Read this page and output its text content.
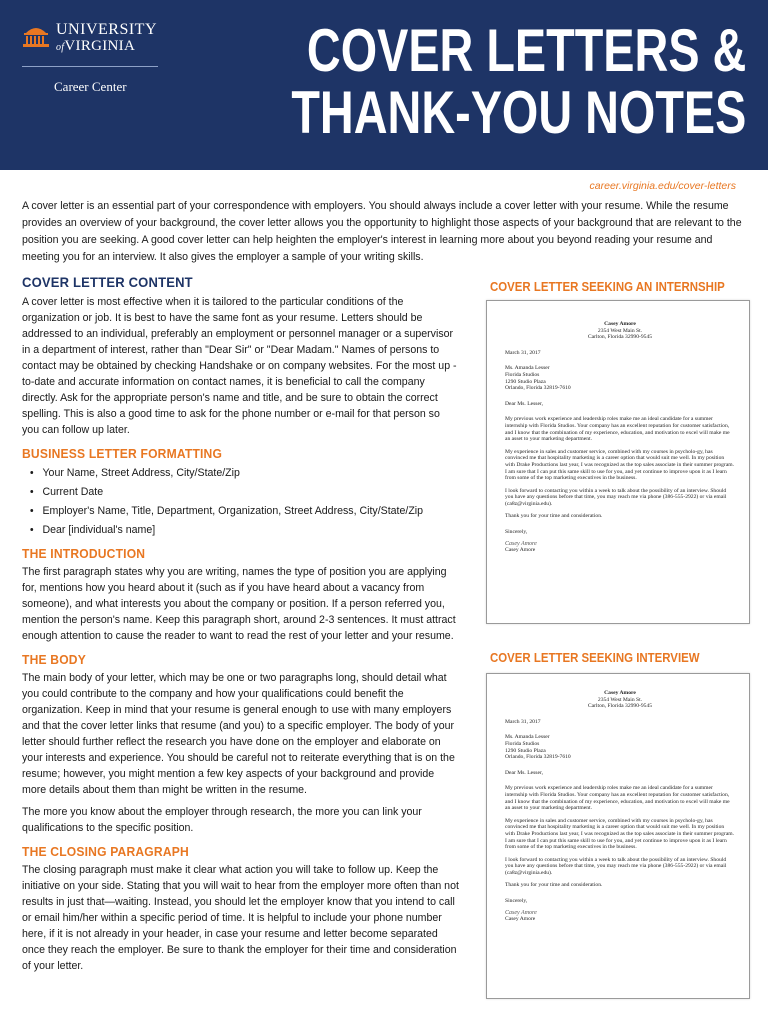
UNIVERSITY
ofVIRGINIA
Career Center
COVER LETTERS &
THANK-YOU NOTES
career.virginia.edu/cover-letters
A cover letter is an essential part of your correspondence with employers. You should always include a cover letter with your resume. While the resume provides an overview of your background, the cover letter allows you the opportunity to highlight those aspects of your background that are relevant to the position you are seeking. A good cover letter can help heighten the employer's interest in learning more about you beyond reading your resume and meeting you for an interview. It also gives the employer a sample of your writing skills.
COVER LETTER CONTENT
A cover letter is most effective when it is tailored to the particular conditions of the organization or job. It is best to have the same font as your resume. Letters should be addressed to an individual, preferably an employment or personnel manager or a supervisor in a department of interest, rather than "Dear Sir" or "Dear Madam." Names of persons to contact may be obtained by checking Handshake or on company websites. For the most up -to-date and accurate information on contact names, it is beneficial to call the company directly. Ask for the appropriate person's name and title, and be sure to obtain the correct spelling. This is also a good time to ask for the phone number or e-mail for that person so you can follow up later.
BUSINESS LETTER FORMATTING
• Your Name, Street Address, City/State/Zip
• Current Date
• Employer's Name, Title, Department, Organization, Street Address, City/State/Zip
• Dear [individual's name]
THE INTRODUCTION
The first paragraph states why you are writing, names the type of position you are applying for, mentions how you heard about it (such as if you have heard about a vacancy from someone), and what interests you about the company or position. If a person referred you, mention the person's name. Keep this paragraph short, around 2-3 sentences. It must attract enough attention to cause the reader to want to read the rest of your letter and your resume.
THE BODY
The main body of your letter, which may be one or two paragraphs long, should detail what you could contribute to the company and how your qualifications could benefit the organization. Keep in mind that your resume is general enough to use with many employers and that the cover letter links that resume (and you) to a specific employer. The body of your letter should further reflect the research you have done on the employer and elaborate on your interests and experience. You should be careful not to reiterate everything that is on the resume; however, you might mention a few key aspects of your background and provide more details about them than might be written in the resume.
The more you know about the employer through research, the more you can link your qualifications to the specific position.
THE CLOSING PARAGRAPH
The closing paragraph must make it clear what action you will take to follow up. Keep the initiative on your side. Stating that you will wait to hear from the employer more often than not results in just that—waiting. Instead, you should let the employer know that you intend to call or email him/her within a specific period of time. It is helpful to include your phone number here, if it is not already in your header, in case your resume and letter become separated once they reach the employer. Be sure to thank the employer for their time and consideration of your letter.
COVER LETTER SEEKING AN INTERNSHIP
Casey Amore
2354 West Main St.
Carlton, Florida 32990-9545
March 31, 2017
Ms. Amanda Lesser
Florida Studios
1290 Studio Plaza
Orlando, Florida 32819-7610
Dear Ms. Lesser,
My previous work experience and leadership roles make me an ideal candidate for a summer internship with Florida Studios. Your company has an excellent reputation for customer satisfaction, and I know that the combination of my experience, education, and motivation to excel will make me an asset to your marketing department.
My experience in sales and customer service, combined with my courses in psycholo-gy, has convinced me that hospitality marketing is a career option that would suit me well. In my position with Drake Productions last year, I was recognized as the top sales associate in their summer program. I am sure that I can put this same skill to use for you, and yet continue to improve upon it as I learn from some of the top marketing executives in the business.
I look forward to contacting you within a week to talk about the possibility of an interview. Should you have any questions before that time, you may reach me via phone (386-555-2922) or via email (ca8z@virginia.edu).
Thank you for your time and consideration.
Sincerely,
Casey Amore
Casey Amore
COVER LETTER SEEKING INTERVIEW
Casey Amore
2354 West Main St.
Carlton, Florida 32990-9545
March 31, 2017
Ms. Amanda Lesser
Florida Studios
1290 Studio Plaza
Orlando, Florida 32819-7610
Dear Ms. Lesser,
My previous work experience and leadership roles make me an ideal candidate for a summer internship with Florida Studios. Your company has an excellent reputation for customer satisfaction, and I know that the combination of my experience, education, and motivation to excel will make me an asset to your marketing department.
My experience in sales and customer service, combined with my courses in psycholo-gy, has convinced me that hospitality marketing is a career option that would suit me well. In my position with Drake Productions last year, I was recognized as the top sales associate in their summer program. I am sure that I can put this same skill to use for you, and yet continue to improve upon it as I learn from some of the top marketing executives in the business.
I look forward to contacting you within a week to talk about the possibility of an interview. Should you have any questions before that time, you may reach me via phone (386-555-2922) or via email (ca8z@virginia.edu).
Thank you for your time and consideration.
Sincerely,
Casey Amore
Casey Amore
